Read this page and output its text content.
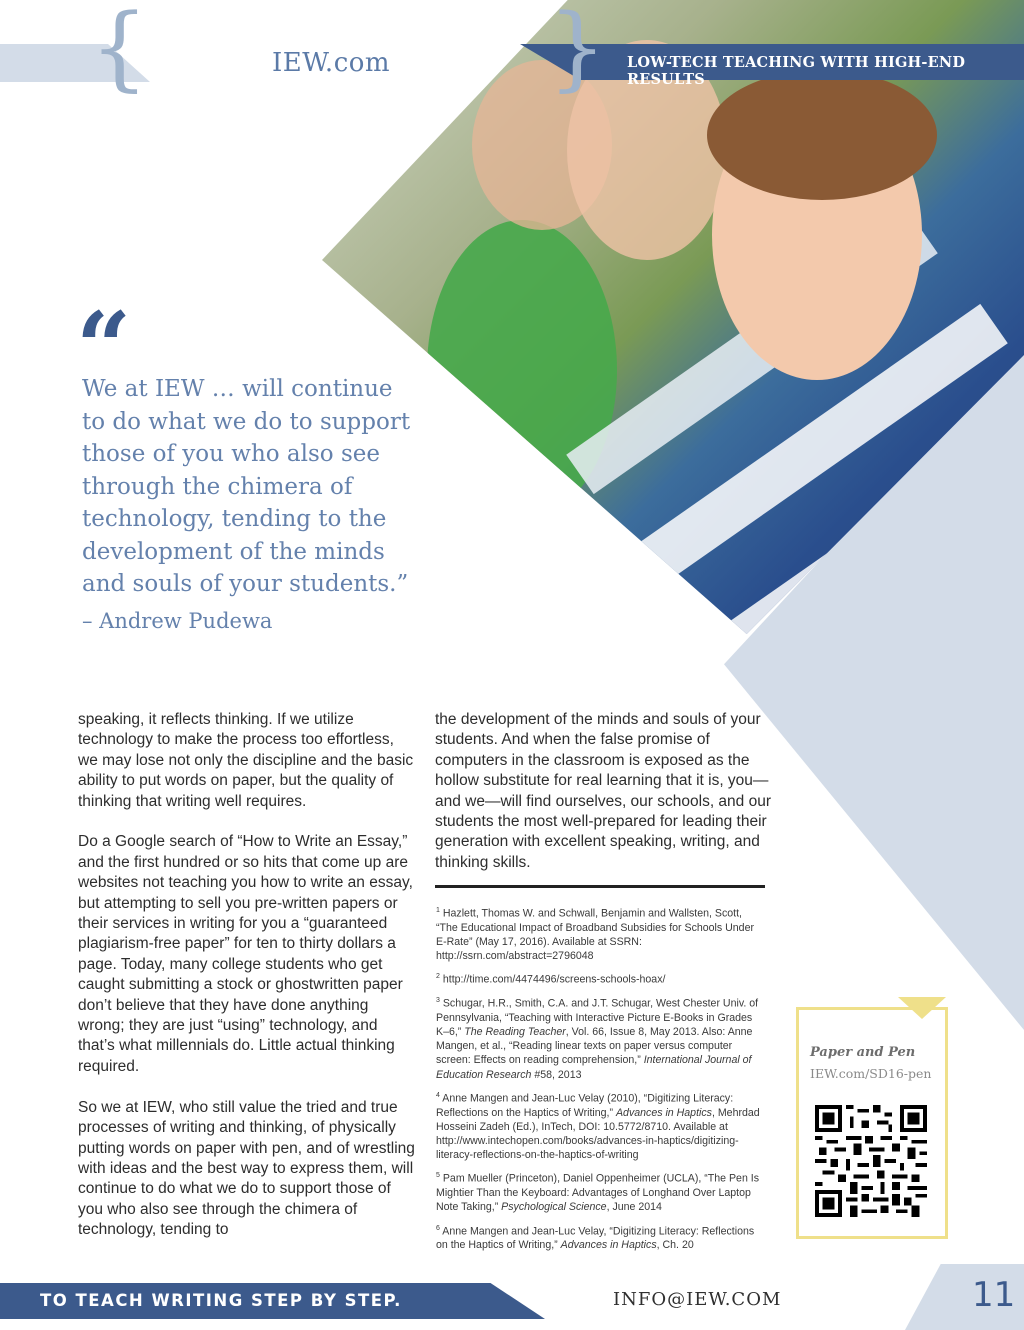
{	}
IEW.com	LOW-TECH TEACHING WITH HIGH-END RESULTS
“
We at IEW … will continue to do what we do to support those of you who also see through the chimera of technology, tending to the development of the minds and souls of your students.”
– Andrew Pudewa

speaking, it reflects thinking. If we utilize technology to make the process too effortless, we may lose not only the discipline and the basic ability to put words on paper, but the quality of thinking that writing well requires.

Do a Google search of “How to Write an Essay,” and the first hundred or so hits that come up are websites not teaching you how to write an essay, but attempting to sell you pre-written papers or their services in writing for you a “guaranteed plagiarism-free paper” for ten to thirty dollars a page. Today, many college students who get caught submitting a stock or ghostwritten paper don’t believe that they have done anything wrong; they are just “using” technology, and that’s what millennials do. Little actual thinking required.

So we at IEW, who still value the tried and true processes of writing and thinking, of physically putting words on paper with pen, and of wrestling with ideas and the best way to express them, will continue to do what we do to support those of you who also see through the chimera of technology, tending to

the development of the minds and souls of your students. And when the false promise of computers in the classroom is exposed as the hollow substitute for real learning that it is, you—and we—will find ourselves, our schools, and our students the most well-prepared for leading their generation with excellent speaking, writing, and thinking skills.

$^1$ Hazlett, Thomas W. and Schwall, Benjamin and Wallsten, Scott, “The Educational Impact of Broadband Subsidies for Schools Under E-Rate” (May 17, 2016). Available at SSRN: http://ssrn.com/abstract=2796048
$^2$ http://time.com/4474496/screens-schools-hoax/
$^3$ Schugar, H.R., Smith, C.A. and J.T. Schugar, West Chester Univ. of Pennsylvania, “Teaching with Interactive Picture E-Books in Grades K–6,” The Reading Teacher, Vol. 66, Issue 8, May 2013. Also: Anne Mangen, et al., “Reading linear texts on paper versus computer screen: Effects on reading comprehension,” International Journal of Education Research #58, 2013
$^4$ Anne Mangen and Jean-Luc Velay (2010), “Digitizing Literacy: Reflections on the Haptics of Writing,” Advances in Haptics, Mehrdad Hosseini Zadeh (Ed.), InTech, DOI: 10.5772/8710. Available at http://www.intechopen.com/books/advances-in-haptics/digitizing-literacy-reflections-on-the-haptics-of-writing
$^5$ Pam Mueller (Princeton), Daniel Oppenheimer (UCLA), “The Pen Is Mightier Than the Keyboard: Advantages of Longhand Over Laptop Note Taking,” Psychological Science, June 2014
$^6$ Anne Mangen and Jean-Luc Velay, “Digitizing Literacy: Reflections on the Haptics of Writing,” Advances in Haptics, Ch. 20
Paper and Pen
IEW.com/SD16-pen
TO TEACH WRITING STEP BY STEP.	INFO@IEW.COM	11
